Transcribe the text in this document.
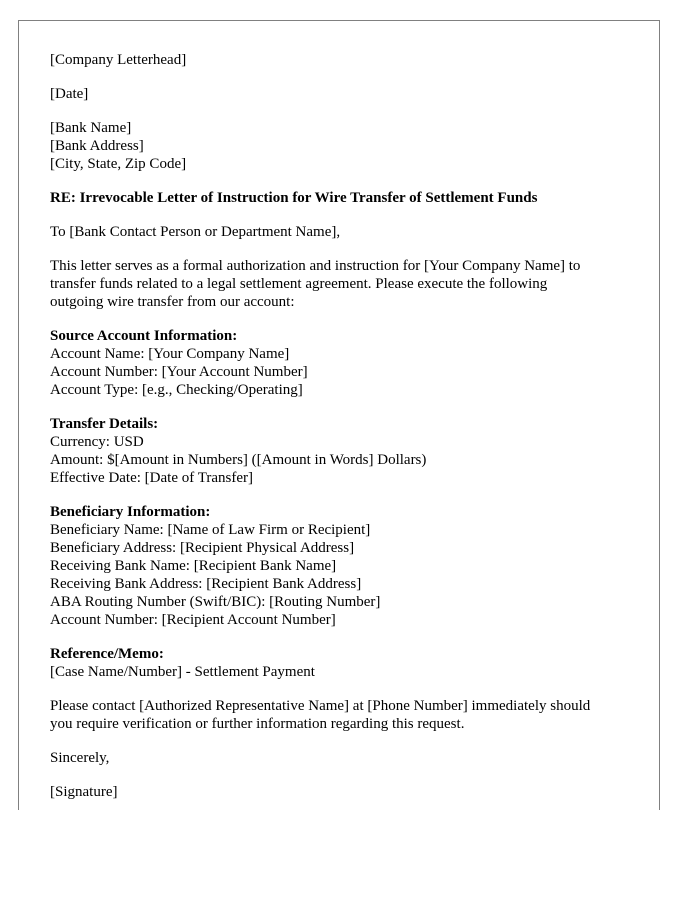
[Company Letterhead]
[Date]
[Bank Name]
[Bank Address]
[City, State, Zip Code]
RE: Irrevocable Letter of Instruction for Wire Transfer of Settlement Funds
To [Bank Contact Person or Department Name],
This letter serves as a formal authorization and instruction for [Your Company Name] to
transfer funds related to a legal settlement agreement. Please execute the following
outgoing wire transfer from our account:
Source Account Information:
Account Name: [Your Company Name]
Account Number: [Your Account Number]
Account Type: [e.g., Checking/Operating]
Transfer Details:
Currency: USD
Amount: $[Amount in Numbers] ([Amount in Words] Dollars)
Effective Date: [Date of Transfer]
Beneficiary Information:
Beneficiary Name: [Name of Law Firm or Recipient]
Beneficiary Address: [Recipient Physical Address]
Receiving Bank Name: [Recipient Bank Name]
Receiving Bank Address: [Recipient Bank Address]
ABA Routing Number (Swift/BIC): [Routing Number]
Account Number: [Recipient Account Number]
Reference/Memo:
[Case Name/Number] - Settlement Payment
Please contact [Authorized Representative Name] at [Phone Number] immediately should
you require verification or further information regarding this request.
Sincerely,
[Signature]
